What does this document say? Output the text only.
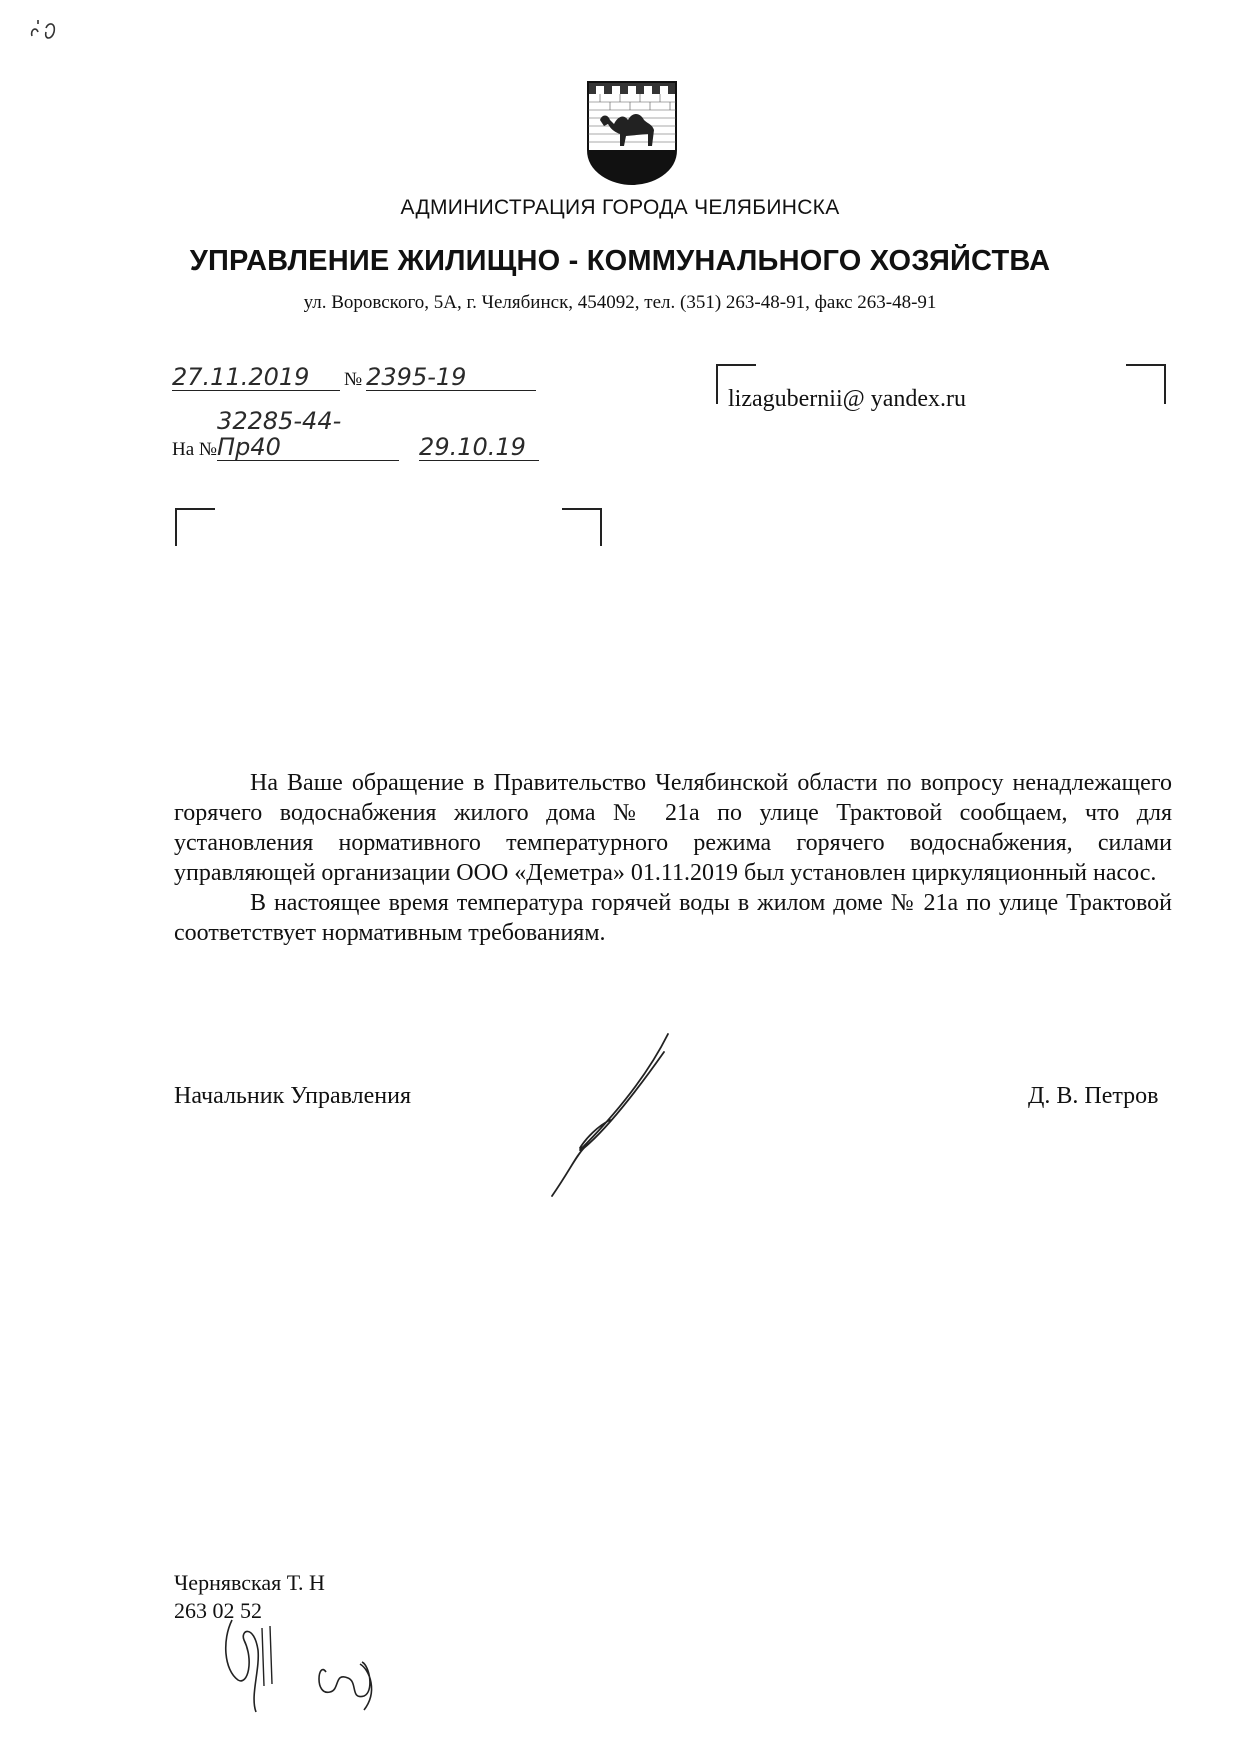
АДМИНИСТРАЦИЯ ГОРОДА ЧЕЛЯБИНСКА
УПРАВЛЕНИЕ ЖИЛИЩНО - КОММУНАЛЬНОГО ХОЗЯЙСТВА
ул. Воровского, 5А, г. Челябинск, 454092, тел. (351) 263-48-91, факс 263-48-91
27.11.2019 № 2395-19
На №32285-44-Пр40	29.10.19
lizagubernii@ yandex.ru

На Ваше обращение в Правительство Челябинской области по вопросу ненадлежащего горячего водоснабжения жилого дома № 21а по улице Трактовой сообщаем, что для установления нормативного температурного режима горячего водоснабжения, силами управляющей организации ООО «Деметра» 01.11.2019 был установлен циркуляционный насос.

В настоящее время температура горячей воды в жилом доме № 21а по улице Трактовой соответствует нормативным требованиям.

Начальник Управления	Д. В. Петров
Чернявская Т. Н
263 02 52
